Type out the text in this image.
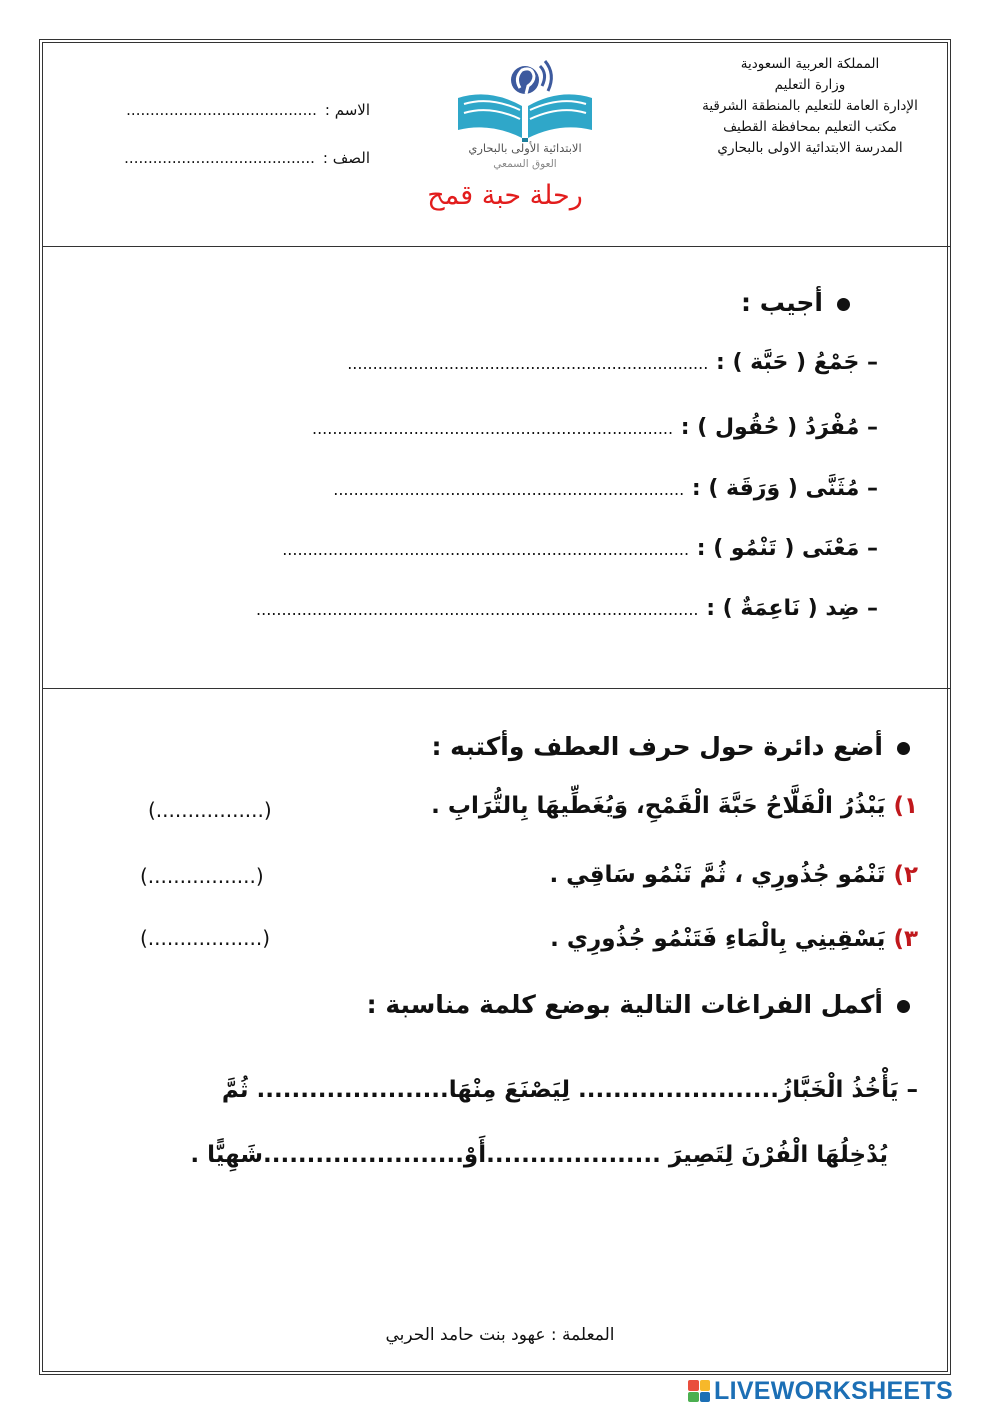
المملكة العربية السعودية
وزارة التعليم
الإدارة العامة للتعليم بالمنطقة الشرقية
مكتب التعليم بمحافظة القطيف
المدرسة الابتدائية الاولى بالبحاري
الاسم :
........................................
الصف :
........................................
الابتدائية الأولى بالبحاري
العوق السمعي
رحلة حبة قمح
أجيب :
– جَمْعُ ( حَبَّة ) : .......................................................................
– مُفْرَدُ ( حُقُول ) : .......................................................................
– مُثَنَّى ( وَرَقَة ) : .....................................................................
– مَعْنَى ( تَنْمُو ) : ................................................................................
– ضِد ( نَاعِمَةٌ ) : .......................................................................................
أضع دائرة حول حرف العطف وأكتبه :
١) يَبْذُرُ الْفَلَّاحُ حَبَّةَ الْقَمْحِ، وَيُغَطِّيهَا بِالتُّرَابِ .
(.................)
٢) تَنْمُو جُذُورِي ، ثُمَّ تَنْمُو سَاقِي .
(.................)
٣) يَسْقِينِي بِالْمَاءِ فَتَنْمُو جُذُورِي .
(..................)
أكمل الفراغات التالية بوضع كلمة مناسبة :
– يَأْخُذُ الْخَبَّازُ....................... لِيَصْنَعَ مِنْهَا...................... ثُمَّ
يُدْخِلُهَا الْفُرْنَ لِتَصِيرَ ....................أَوْ.......................شَهِيًّا .
المعلمة : عهود بنت حامد الحربي
LIVEWORKSHEETS
